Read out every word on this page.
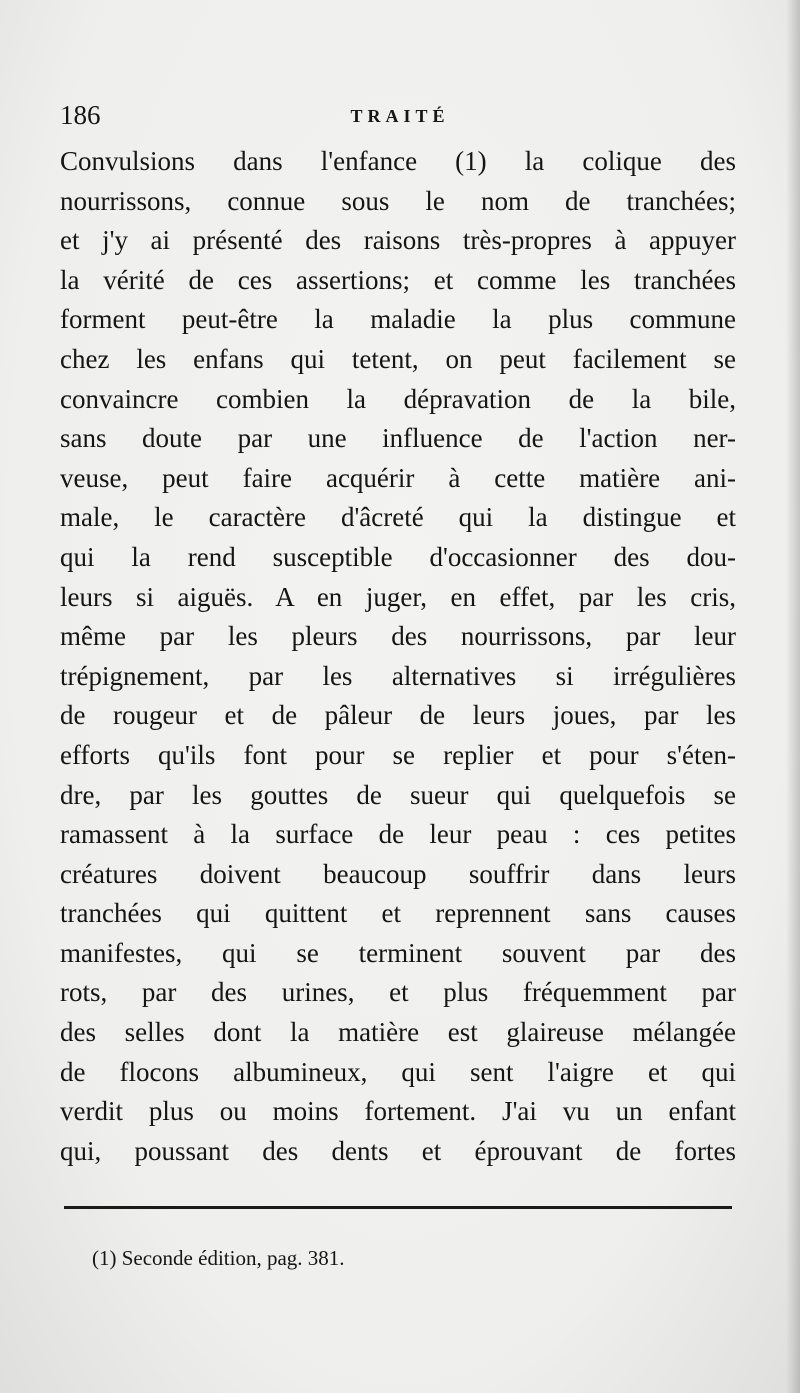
186	TRAITÉ
Convulsions dans l'enfance (1) la colique des
nourrissons, connue sous le nom de tranchées;
et j'y ai présenté des raisons très-propres à appuyer
la vérité de ces assertions; et comme les tranchées
forment peut-être la maladie la plus commune
chez les enfans qui tetent, on peut facilement se
convaincre combien la dépravation de la bile,
sans doute par une influence de l'action ner-
veuse, peut faire acquérir à cette matière ani-
male, le caractère d'âcreté qui la distingue et
qui la rend susceptible d'occasionner des dou-
leurs si aiguës. A en juger, en effet, par les cris,
même par les pleurs des nourrissons, par leur
trépignement, par les alternatives si irrégulières
de rougeur et de pâleur de leurs joues, par les
efforts qu'ils font pour se replier et pour s'éten-
dre, par les gouttes de sueur qui quelquefois se
ramassent à la surface de leur peau : ces petites
créatures doivent beaucoup souffrir dans leurs
tranchées qui quittent et reprennent sans causes
manifestes, qui se terminent souvent par des
rots, par des urines, et plus fréquemment par
des selles dont la matière est glaireuse mélangée
de flocons albumineux, qui sent l'aigre et qui
verdit plus ou moins fortement. J'ai vu un enfant
qui, poussant des dents et éprouvant de fortes
(1) Seconde édition, pag. 381.
